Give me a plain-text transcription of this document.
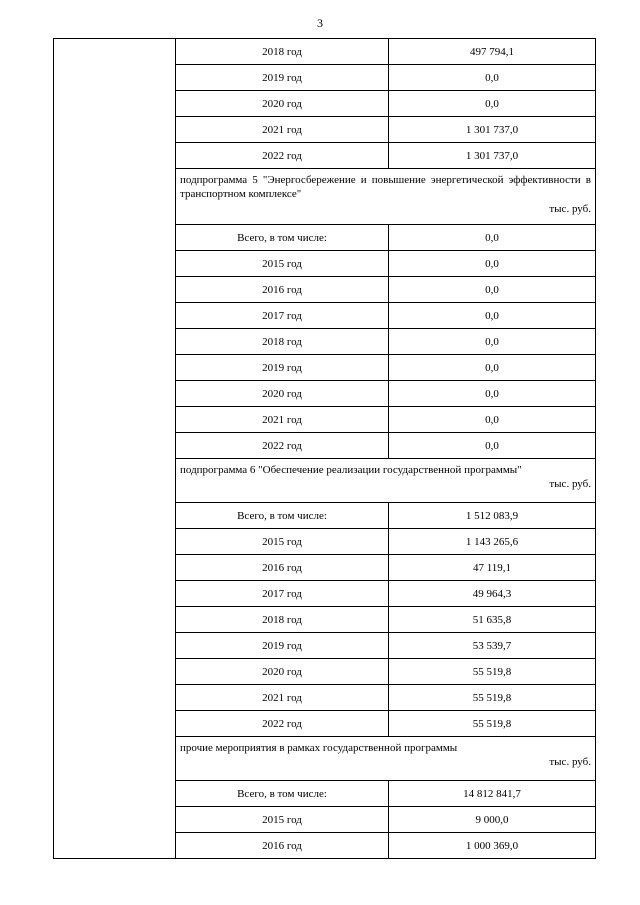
3
2018 год	497 794,1
2019 год	0,0
2020 год	0,0
2021 год	1 301 737,0
2022 год	1 301 737,0
подпрограмма 5 "Энергосбережение и повышение энергетической эффективности в транспортном комплексе"
тыс. руб.
Всего, в том числе:	0,0
2015 год	0,0
2016 год	0,0
2017 год	0,0
2018 год	0,0
2019 год	0,0
2020 год	0,0
2021 год	0,0
2022 год	0,0
подпрограмма 6 "Обеспечение реализации государственной программы"
тыс. руб.
Всего, в том числе:	1 512 083,9
2015 год	1 143 265,6
2016 год	47 119,1
2017 год	49 964,3
2018 год	51 635,8
2019 год	53 539,7
2020 год	55 519,8
2021 год	55 519,8
2022 год	55 519,8
прочие мероприятия в рамках государственной программы
тыс. руб.
Всего, в том числе:	14 812 841,7
2015 год	9 000,0
2016 год	1 000 369,0
